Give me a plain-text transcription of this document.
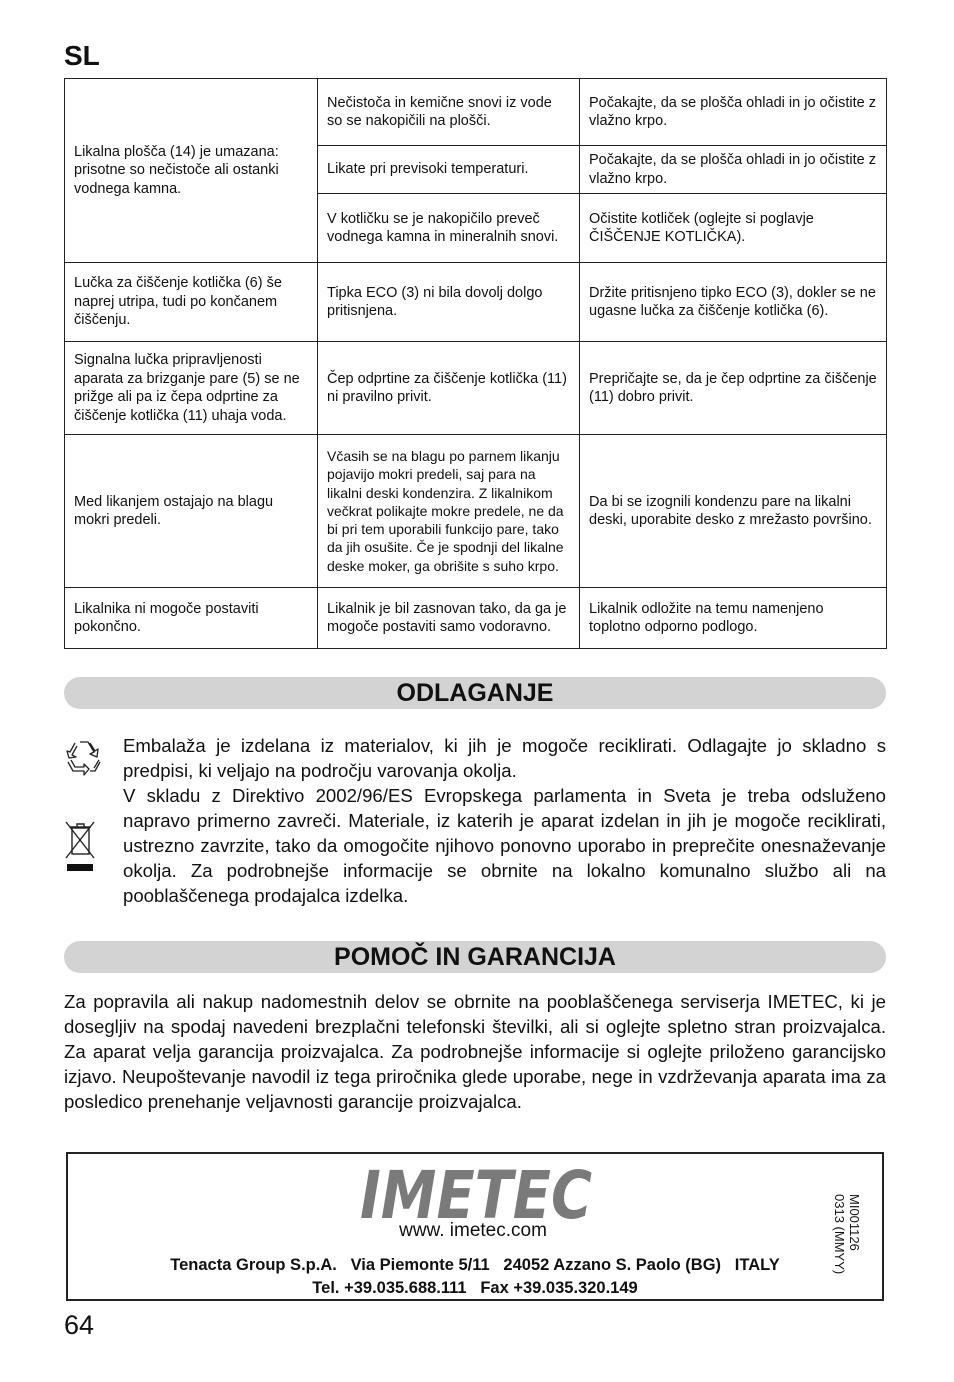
SL
Likalna plošča (14) je umazana: prisotne so nečistoče ali ostanki vodnega kamna.	Nečistoča in kemične snovi iz vode so se nakopičili na plošči.	Počakajte, da se plošča ohladi in jo očistite z vlažno krpo.
	Likate pri previsoki temperaturi.	Počakajte, da se plošča ohladi in jo očistite z vlažno krpo.
	V kotličku se je nakopičilo preveč vodnega kamna in mineralnih snovi.	Očistite kotliček (oglejte si poglavje ČIŠČENJE KOTLIČKA).
Lučka za čiščenje kotlička (6) še naprej utripa, tudi po končanem čiščenju.	Tipka ECO (3) ni bila dovolj dolgo pritisnjena.	Držite pritisnjeno tipko ECO (3), dokler se ne ugasne lučka za čiščenje kotlička (6).
Signalna lučka pripravljenosti aparata za brizganje pare (5) se ne prižge ali pa iz čepa odprtine za čiščenje kotlička (11) uhaja voda.	Čep odprtine za čiščenje kotlička (11) ni pravilno privit.	Prepričajte se, da je čep odprtine za čiščenje (11) dobro privit.
Med likanjem ostajajo na blagu mokri predeli.	Včasih se na blagu po parnem likanju pojavijo mokri predeli, saj para na likalni deski kondenzira. Z likalnikom večkrat polikajte mokre predele, ne da bi pri tem uporabili funkcijo pare, tako da jih osušite. Če je spodnji del likalne deske moker, ga obrišite s suho krpo.	Da bi se izognili kondenzu pare na likalni deski, uporabite desko z mrežasto površino.
Likalnika ni mogoče postaviti pokončno.	Likalnik je bil zasnovan tako, da ga je mogoče postaviti samo vodoravno.	Likalnik odložite na temu namenjeno toplotno odporno podlogo.
ODLAGANJE

Embalaža je izdelana iz materialov, ki jih je mogoče reciklirati. Odlagajte jo skladno s predpisi, ki veljajo na področju varovanja okolja.

V skladu z Direktivo 2002/96/ES Evropskega parlamenta in Sveta je treba odsluženo napravo primerno zavreči. Materiale, iz katerih je aparat izdelan in jih je mogoče reciklirati, ustrezno zavrzite, tako da omogočite njihovo ponovno uporabo in preprečite onesnaževanje okolja. Za podrobnejše informacije se obrnite na lokalno komunalno službo ali na pooblaščenega prodajalca izdelka.

POMOČ IN GARANCIJA

Za popravila ali nakup nadomestnih delov se obrnite na pooblaščenega serviserja IMETEC, ki je dosegljiv na spodaj navedeni brezplačni telefonski številki, ali si oglejte spletno stran proizvajalca. Za aparat velja garancija proizvajalca. Za podrobnejše informacije si oglejte priloženo garancijsko izjavo. Neupoštevanje navodil iz tega priročnika glede uporabe, nege in vzdrževanja aparata ima za posledico prenehanje veljavnosti garancije proizvajalca.

IMETEC
www. imetec.com
Tenacta Group S.p.A.   Via Piemonte 5/11   24052 Azzano S. Paolo (BG)   ITALY
Tel. +39.035.688.111   Fax +39.035.320.149
MI001126
0313 (MMYY)
64
